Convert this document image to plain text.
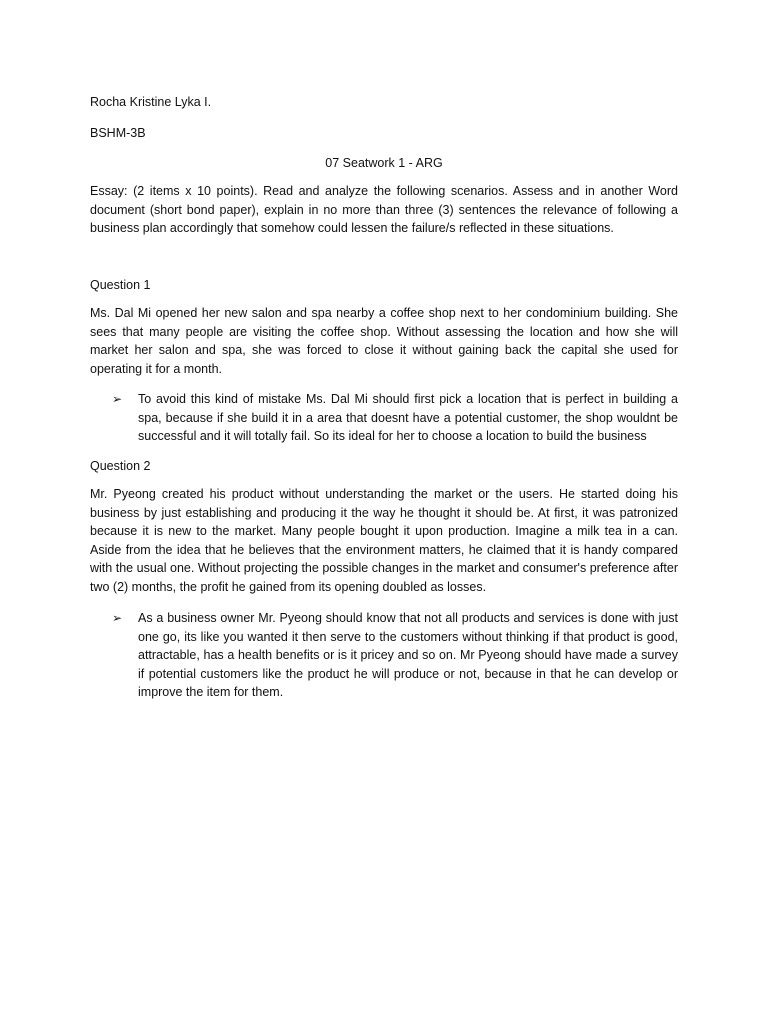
Rocha Kristine Lyka I.

BSHM-3B

07 Seatwork 1 - ARG

Essay: (2 items x 10 points). Read and analyze the following scenarios. Assess and in another Word document (short bond paper), explain in no more than three (3) sentences the relevance of following a business plan accordingly that somehow could lessen the failure/s reflected in these situations.

Question 1

Ms. Dal Mi opened her new salon and spa nearby a coffee shop next to her condominium building. She sees that many people are visiting the coffee shop. Without assessing the location and how she will market her salon and spa, she was forced to close it without gaining back the capital she used for operating it for a month.

➢ To avoid this kind of mistake Ms. Dal Mi should first pick a location that is perfect in building a spa, because if she build it in a area that doesnt have a potential customer, the shop wouldnt be successful and it will totally fail. So its ideal for her to choose a location to build the business

Question 2

Mr. Pyeong created his product without understanding the market or the users. He started doing his business by just establishing and producing it the way he thought it should be. At first, it was patronized because it is new to the market. Many people bought it upon production. Imagine a milk tea in a can. Aside from the idea that he believes that the environment matters, he claimed that it is handy compared with the usual one. Without projecting the possible changes in the market and consumer's preference after two (2) months, the profit he gained from its opening doubled as losses.

➢ As a business owner Mr. Pyeong should know that not all products and services is done with just one go, its like you wanted it then serve to the customers without thinking if that product is good, attractable, has a health benefits or is it pricey and so on. Mr Pyeong should have made a survey if potential customers like the product he will produce or not, because in that he can develop or improve the item for them.
